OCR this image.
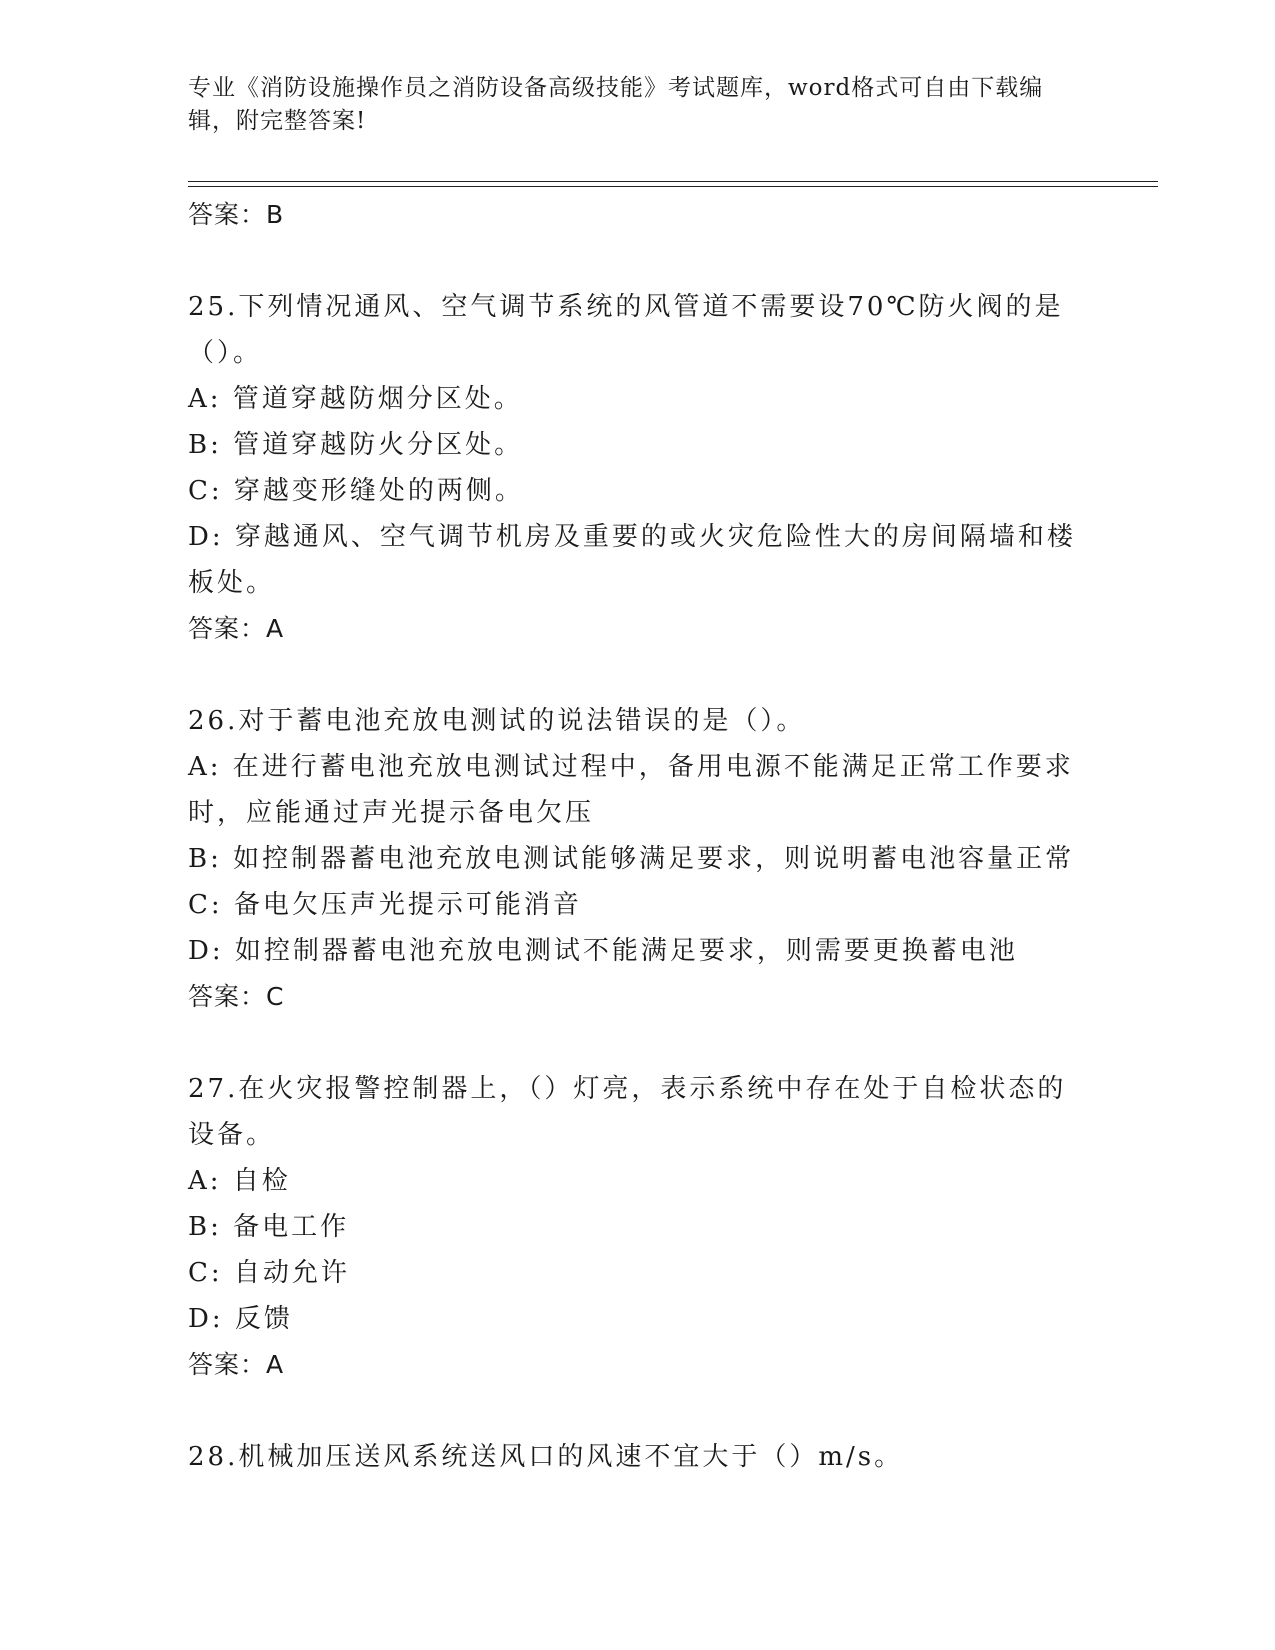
专业《消防设施操作员之消防设备高级技能》考试题库，word格式可自由下载编辑，附完整答案!
答案：B
25.下列情况通风、空气调节系统的风管道不需要设70℃防火阀的是（）。
A: 管道穿越防烟分区处。
B: 管道穿越防火分区处。
C: 穿越变形缝处的两侧。
D: 穿越通风、空气调节机房及重要的或火灾危险性大的房间隔墙和楼板处。
答案：A
26.对于蓄电池充放电测试的说法错误的是（）。
A: 在进行蓄电池充放电测试过程中，备用电源不能满足正常工作要求时，应能通过声光提示备电欠压
B: 如控制器蓄电池充放电测试能够满足要求，则说明蓄电池容量正常
C: 备电欠压声光提示可能消音
D: 如控制器蓄电池充放电测试不能满足要求，则需要更换蓄电池
答案：C
27.在火灾报警控制器上，（）灯亮，表示系统中存在处于自检状态的设备。
A: 自检
B: 备电工作
C: 自动允许
D: 反馈
答案：A
28.机械加压送风系统送风口的风速不宜大于（）m/s。
